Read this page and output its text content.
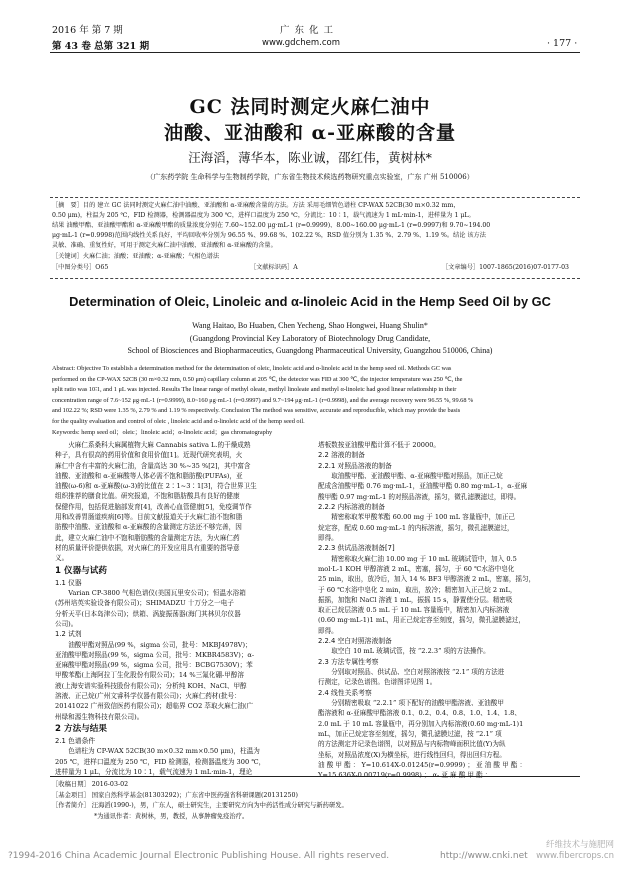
2016 年 第 7 期	广 东 化 工
第 43 卷 总第 321 期	www.gdchem.com	· 177 ·
GC 法同时测定火麻仁油中
油酸、亚油酸和 α-亚麻酸的含量
汪海滔，薄华本，陈业诚，邵红伟，黄树林*
（广东药学院 生命科学与生物制药学院，广东省生物技术候选药物研究重点实验室，广东 广州 510006）
［摘　要］目的 建立 GC 法同时测定火麻仁油中油酸、亚油酸和 α-亚麻酸含量的方法。方法 采用毛细管色谱柱 CP-WAX 52CB(30 m×0.32 mm，
0.50 μm)，柱温为 205 ℃，FID 检测器，检测器温度为 300 ℃，进样口温度为 250 ℃，分流比：10∶1，载气流速为 1 mL·min-1，进样量为 1 μL。
结果 油酸甲酯、亚油酸甲酯和 α-亚麻酸甲酯的质量浓度分别在 7.60~152.00 μg·mL-1 (r=0.9999)、8.00~160.00 μg·mL-1 (r=0.9997)和 9.70~194.00
μg·mL-1 (r=0.9998)范围内线性关系良好，平均回收率分别为 96.55 %、99.68 %、102.22 %，RSD 值分别为 1.35 %、2.79 %、1.19 %。结论 该方法
灵敏、准确、重复性好，可用于测定火麻仁油中油酸、亚油酸和 α-亚麻酸的含量。
［关键词］火麻仁油；油酸；亚油酸；α-亚麻酸；气相色谱法
［中图分类号］O65	［文献标识码］A	［文章编号］1007-1865(2016)07-0177-03
Determination of Oleic, Linoleic and α-linoleic Acid in the Hemp Seed Oil by GC
Wang Haitao, Bo Huaben, Chen Yecheng, Shao Hongwei, Huang Shulin*
(Guangdong Provincial Key Laboratory of Biotechnology Drug Candidate,
School of Biosciences and Biopharmaceutics, Guangdong Pharmaceutical University, Guangzhou 510006, China)
Abstract: Objective To establish a determination method for the determination of oleic, linoleic acid and α-linoleic acid in the hemp seed oil. Methods GC was
performed on the CP-WAX 52CB (30 m×0.32 mm, 0.50 μm) capillary column at 205 ℃, the detector was FID at 300 ℃, the injector temperature was 250 ℃, the
split ratio was 10∶1, and 1 μL was injected. Results The linear range of methyl oleate, methyl linoleate and methyl α-linoleic had good linear relationship in their
concentration range of 7.6~152 μg·mL-1 (r=0.9999), 8.0~160 μg·mL-1 (r=0.9997) and 9.7~194 μg·mL-1 (r=0.9998), and the average recovery were 96.55 %, 99.68 %
and 102.22 %; RSD were 1.35 %, 2.79 % and 1.19 % respectively. Conclusion The method was sensitive, accurate and reproducible, which may provide the basis
for the quality evaluation and control of oleic , linoleic acid and α-linoleic acid of the hemp seed oil.
Keywords: hemp seed oil；oleic；linoleic acid；α-linoleic acid；gas chromatography

火麻仁系桑科大麻属植物大麻 Cannabis sativa L.的干燥成熟

种子，具有很高的药用价值和食用价值[1]。近现代研究表明，火

麻仁中含有丰富的火麻仁油，含量高达 30 %~35 %[2]，其中富含

油酸、亚油酸和 α-亚麻酸等人体必需不饱和脂肪酸(PUFAs)，亚

油酸(ω-6)和 α-亚麻酸(ω-3)的比值在 2∶1~3∶1[3]，符合世界卫生

组织推荐的膳食比值。研究报道，不饱和脂肪酸具有良好的健康

保健作用，包括促进脑部发育[4]，改善心血管健康[5]，免疫调节作

用和改善胃肠道疾病[6]等。目前文献报道关于火麻仁油不饱和脂

肪酸中油酸、亚油酸和 α-亚麻酸的含量测定方法还不够完善，因

此，建立火麻仁油中不饱和脂肪酸的含量测定方法，为火麻仁药

材的质量评价提供依据，对火麻仁的开发应用具有重要的指导意

义。

1 仪器与试药

1.1 仪器

Varian CP-3800 气相色谱仪(美国瓦里安公司)；恒温水浴箱

(苏州培英实验设备有限公司)；SHIMADZU 十万分之一电子

分析天平(日本岛津公司)；烘箱、涡旋振荡器(海门其林贝尔仪器

公司)。

1.2 试剂

油酸甲酯对照品(99 %，sigma 公司，批号：MKBJ4978V)；

亚油酸甲酯对照品(99 %，sigma 公司，批号：MKBR4583V)；α-

亚麻酸甲酯对照品(99 %，sigma 公司，批号：BCBG7530V)；苯

甲酸苯酯(上海阿拉丁生化股份有限公司)；14 %三氟化硼-甲醇溶

液(上海安谱实验科技股份有限公司)；分析纯 KOH、NaCl、甲醇

溶液、正己烷(广州文睿科学仪器有限公司)；火麻仁药材(批号：

20141022 广州致信医药有限公司)；超临界 CO2 萃取火麻仁油(广

州绿和源生物科技有限公司)。

2 方法与结果

2.1 色谱条件

色谱柱为 CP-WAX 52CB(30 m×0.32 mm×0.50 μm)，柱温为

205 ℃，进样口温度为 250 ℃，FID 检测器，检测器温度为 300 ℃，

进样量为 1 μL，分流比为 10∶1，载气流速为 1 mL·min-1，理论

塔板数按亚油酸甲酯计算不低于 20000。

2.2 溶液的制备

2.2.1 对照品溶液的制备

取油酸甲酯、亚油酸甲酯、α-亚麻酸甲酯对照品，加正己烷

配成含油酸甲酯 0.76 mg·mL-1，亚油酸甲酯 0.80 mg·mL-1，α-亚麻

酸甲酯 0.97 mg·mL-1 的对照品溶液，摇匀，微孔滤膜滤过，即得。

2.2.2 内标溶液的制备

精密称取苯甲酸苯酯 60.00 mg 于 100 mL 容量瓶中，加正己

烷定容，配成 0.60 mg·mL-1 的内标溶液，摇匀，微孔滤膜滤过，

即得。

2.2.3 供试品溶液制备[7]

精密称取火麻仁油 10.00 mg 于 10 mL 玻璃试管中，加入 0.5

mol·L-1 KOH 甲醇溶液 2 mL，密塞，摇匀，于 60 ℃水浴中皂化

25 min，取出，放冷后，加入 14 % BF3 甲醇溶液 2 mL，密塞，摇匀，

于 60 ℃水浴中皂化 2 min，取出，放冷；精密加入正己烷 2 mL，

振摇，加饱和 NaCl 溶液 1 mL，振摇 15 s，静置使分层。精密吸

取正己烷层溶液 0.5 mL 于 10 mL 容量瓶中，精密加入内标溶液

(0.60 mg·mL-1)1 mL，用正己烷定容至刻度，摇匀，微孔滤膜滤过，

即得。

2.2.4 空白对照溶液制备

取空白 10 mL 玻璃试管，按 “2.2.3” 项的方法操作。

2.3 方法专属性考察

分别取对照品、供试品、空白对照溶液按 “2.1” 项的方法进

行测定，记录色谱图。色谱图详见图 1。

2.4 线性关系考察

分别精密吸取 “2.2.1” 项下配好的油酸甲酯溶液、亚油酸甲

酯溶液和 α-亚麻酸甲酯溶液 0.1、0.2、0.4、0.8、1.0、1.4、1.8、

2.0 mL 于 10 mL 容量瓶中，再分别加入内标溶液(0.60 mg·mL-1)1

mL，加正己烷定容至刻度，摇匀，微孔滤膜过滤，按 “2.1” 项

的方法测定并记录色谱图，以对照品与内标物峰面积比值(Y)为纵

坐标，对照品浓度(X)为横坐标，进行线性回归，得出回归方程。

油 酸 甲 酯 ： Y=10.614X-0.01245(r=0.9999) ； 亚 油 酸 甲 酯 ：

Y=15.636X-0.00719(r=0.9998) ； α- 亚 麻 酸 甲 酯 ：

［收稿日期］ 2016-03-02
［基金项目］ 国家自然科学基金(81303292)；广东省中医药强省科研课题(20131250)
［作者简介］ 汪海滔(1990-)，男，广东人，硕士研究生，主要研究方向为中药活性成分研究与新药研发。
*为通讯作者：黄树林，男，教授，从事肿瘤免疫治疗。
?1994-2016 China Academic Journal Electronic Publishing House. All rights reserved.	http://www.cnki.net
纤维技术与施肥网 www.fibercrops.cn
